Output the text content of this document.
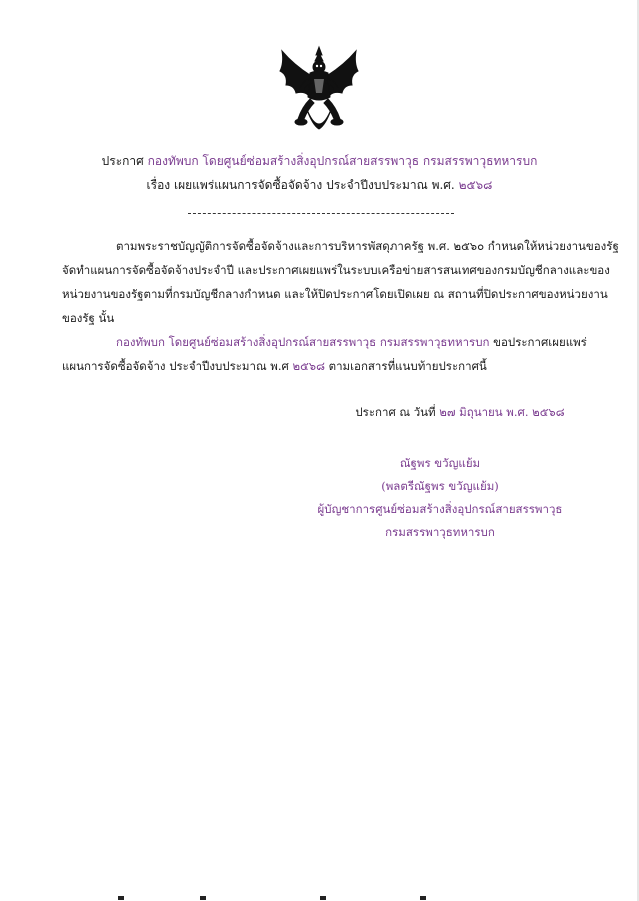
ประกาศ กองทัพบก โดยศูนย์ซ่อมสร้างสิ่งอุปกรณ์สายสรรพาวุธ กรมสรรพาวุธทหารบก
เรื่อง เผยแพร่แผนการจัดซื้อจัดจ้าง ประจำปีงบประมาณ พ.ศ. ๒๕๖๘
ตามพระราชบัญญัติการจัดซื้อจัดจ้างและการบริหารพัสดุภาครัฐ พ.ศ. ๒๕๖๐ กำหนดให้หน่วยงานของรัฐ
จัดทำแผนการจัดซื้อจัดจ้างประจำปี และประกาศเผยแพร่ในระบบเครือข่ายสารสนเทศของกรมบัญชีกลางและของ
หน่วยงานของรัฐตามที่กรมบัญชีกลางกำหนด และให้ปิดประกาศโดยเปิดเผย ณ สถานที่ปิดประกาศของหน่วยงาน
ของรัฐ นั้น
กองทัพบก โดยศูนย์ซ่อมสร้างสิ่งอุปกรณ์สายสรรพาวุธ กรมสรรพาวุธทหารบก ขอประกาศเผยแพร่
แผนการจัดซื้อจัดจ้าง ประจำปีงบประมาณ พ.ศ ๒๕๖๘ ตามเอกสารที่แนบท้ายประกาศนี้
ประกาศ ณ วันที่ ๒๗ มิถุนายน พ.ศ. ๒๕๖๘
ณัฐพร ขวัญแย้ม
(พลตรีณัฐพร ขวัญแย้ม)
ผู้บัญชาการศูนย์ซ่อมสร้างสิ่งอุปกรณ์สายสรรพาวุธ
กรมสรรพาวุธทหารบก
